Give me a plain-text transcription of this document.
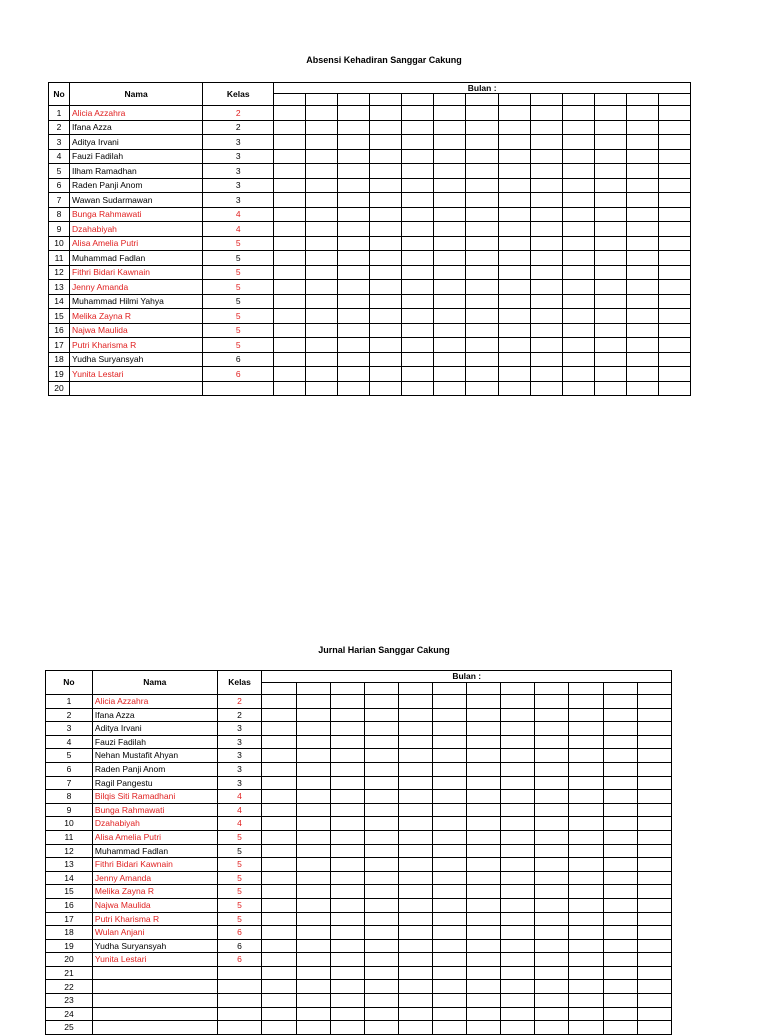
Absensi Kehadiran Sanggar Cakung
No	Nama	Kelas	Bulan :												

1	Alicia Azzahra	2													
2	Ifana Azza	2													
3	Aditya Irvani	3													
4	Fauzi Fadilah	3													
5	Ilham Ramadhan	3													
6	Raden Panji Anom	3													
7	Wawan Sudarmawan	3													
8	Bunga Rahmawati	4													
9	Dzahabiyah	4													
10	Alisa Amelia Putri	5													
11	Muhammad Fadlan	5													
12	Fithri Bidari Kawnain	5													
13	Jenny Amanda	5													
14	Muhammad Hilmi Yahya	5													
15	Melika Zayna R	5													
16	Najwa Maulida	5													
17	Putri Kharisma R	5													
18	Yudha Suryansyah	6													
19	Yunita Lestari	6													
20															
Jurnal Harian Sanggar Cakung
No	Nama	Kelas	Bulan :											

1	Alicia Azzahra	2												
2	Ifana Azza	2												
3	Aditya Irvani	3												
4	Fauzi Fadilah	3												
5	Nehan Mustafit Ahyan	3												
6	Raden Panji Anom	3												
7	Ragil Pangestu	3												
8	Bilqis Siti Ramadhani	4												
9	Bunga Rahmawati	4												
10	Dzahabiyah	4												
11	Alisa Amelia Putri	5												
12	Muhammad Fadlan	5												
13	Fithri Bidari Kawnain	5												
14	Jenny Amanda	5												
15	Melika Zayna R	5												
16	Najwa Maulida	5												
17	Putri Kharisma R	5												
18	Wulan Anjani	6												
19	Yudha Suryansyah	6												
20	Yunita Lestari	6												
21														
22														
23														
24														
25														
